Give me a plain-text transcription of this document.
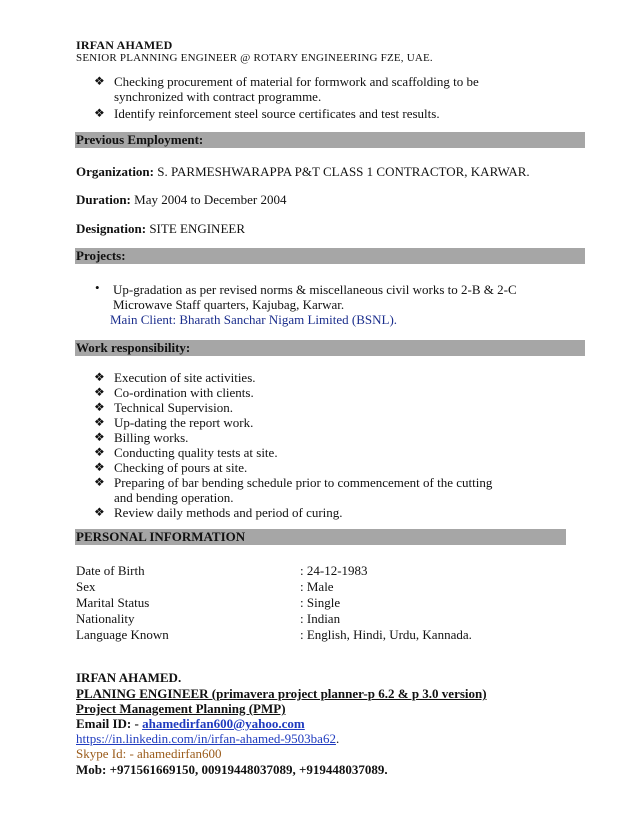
IRFAN AHAMED
SENIOR PLANNING ENGINEER @ ROTARY ENGINEERING FZE, UAE.
❖ Checking procurement of material for formwork and scaffolding to be
synchronized with contract programme.
❖ Identify reinforcement steel source certificates and test results.
Previous Employment:
Organization: S. PARMESHWARAPPA P&T CLASS 1 CONTRACTOR, KARWAR.
Duration: May 2004 to December 2004
Designation: SITE ENGINEER
Projects:
• Up-gradation as per revised norms & miscellaneous civil works to 2-B & 2-C
Microwave Staff quarters, Kajubag, Karwar.
Main Client: Bharath Sanchar Nigam Limited (BSNL).
Work responsibility:
❖ Execution of site activities.
❖ Co-ordination with clients.
❖ Technical Supervision.
❖ Up-dating the report work.
❖ Billing works.
❖ Conducting quality tests at site.
❖ Checking of pours at site.
❖ Preparing of bar bending schedule prior to commencement of the cutting
and bending operation.
❖ Review daily methods and period of curing.
PERSONAL INFORMATION
Date of Birth	: 24-12-1983
Sex	: Male
Marital Status	: Single
Nationality	: Indian
Language Known	: English, Hindi, Urdu, Kannada.
IRFAN AHAMED.
PLANING ENGINEER (primavera project planner-p 6.2 & p 3.0 version)
Project Management Planning (PMP)
Email ID: - ahamedirfan600@yahoo.com
https://in.linkedin.com/in/irfan-ahamed-9503ba62.
Skype Id: - ahamedirfan600
Mob: +971561669150, 00919448037089, +919448037089.
